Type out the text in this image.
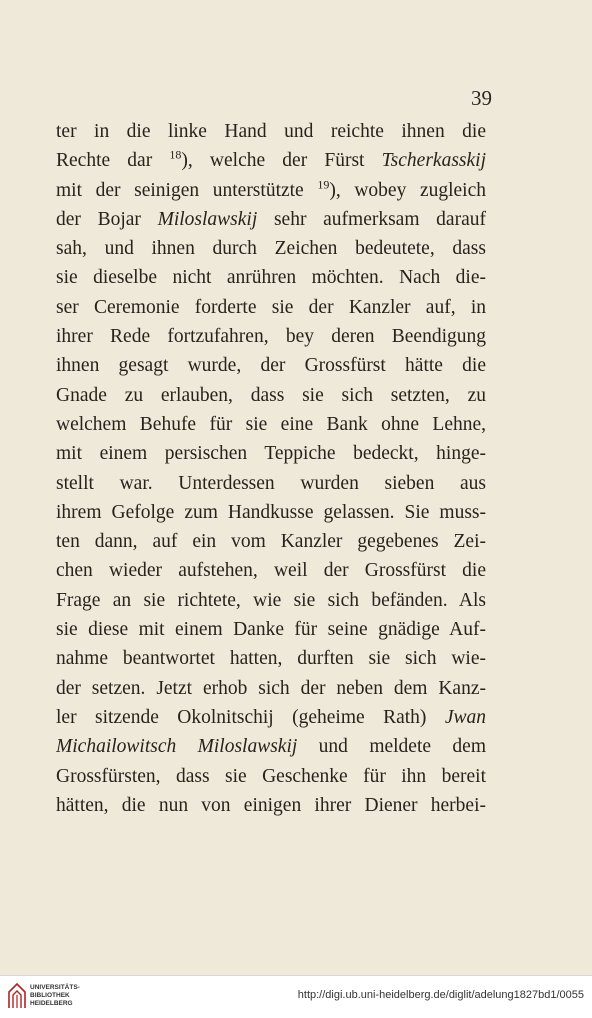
39
ter in die linke Hand und reichte ihnen die
Rechte dar $^{18}$), welche der Fürst Tscherkasskij
mit der seinigen unterstützte $^{19}$), wobey zugleich
der Bojar Miloslawskij sehr aufmerksam darauf
sah, und ihnen durch Zeichen bedeutete, dass
sie dieselbe nicht anrühren möchten. Nach die-
ser Ceremonie forderte sie der Kanzler auf, in
ihrer Rede fortzufahren, bey deren Beendigung
ihnen gesagt wurde, der Grossfürst hätte die
Gnade zu erlauben, dass sie sich setzten, zu
welchem Behufe für sie eine Bank ohne Lehne,
mit einem persischen Teppiche bedeckt, hinge-
stellt war. Unterdessen wurden sieben aus
ihrem Gefolge zum Handkusse gelassen. Sie muss-
ten dann, auf ein vom Kanzler gegebenes Zei-
chen wieder aufstehen, weil der Grossfürst die
Frage an sie richtete, wie sie sich befänden. Als
sie diese mit einem Danke für seine gnädige Auf-
nahme beantwortet hatten, durften sie sich wie-
der setzen. Jetzt erhob sich der neben dem Kanz-
ler sitzende Okolnitschij (geheime Rath) Jwan
Michailowitsch Miloslawskij und meldete dem
Grossfürsten, dass sie Geschenke für ihn bereit
hätten, die nun von einigen ihrer Diener herbei-
UNIVERSITÄTS-
BIBLIOTHEK
HEIDELBERG
http://digi.ub.uni-heidelberg.de/diglit/adelung1827bd1/0055
